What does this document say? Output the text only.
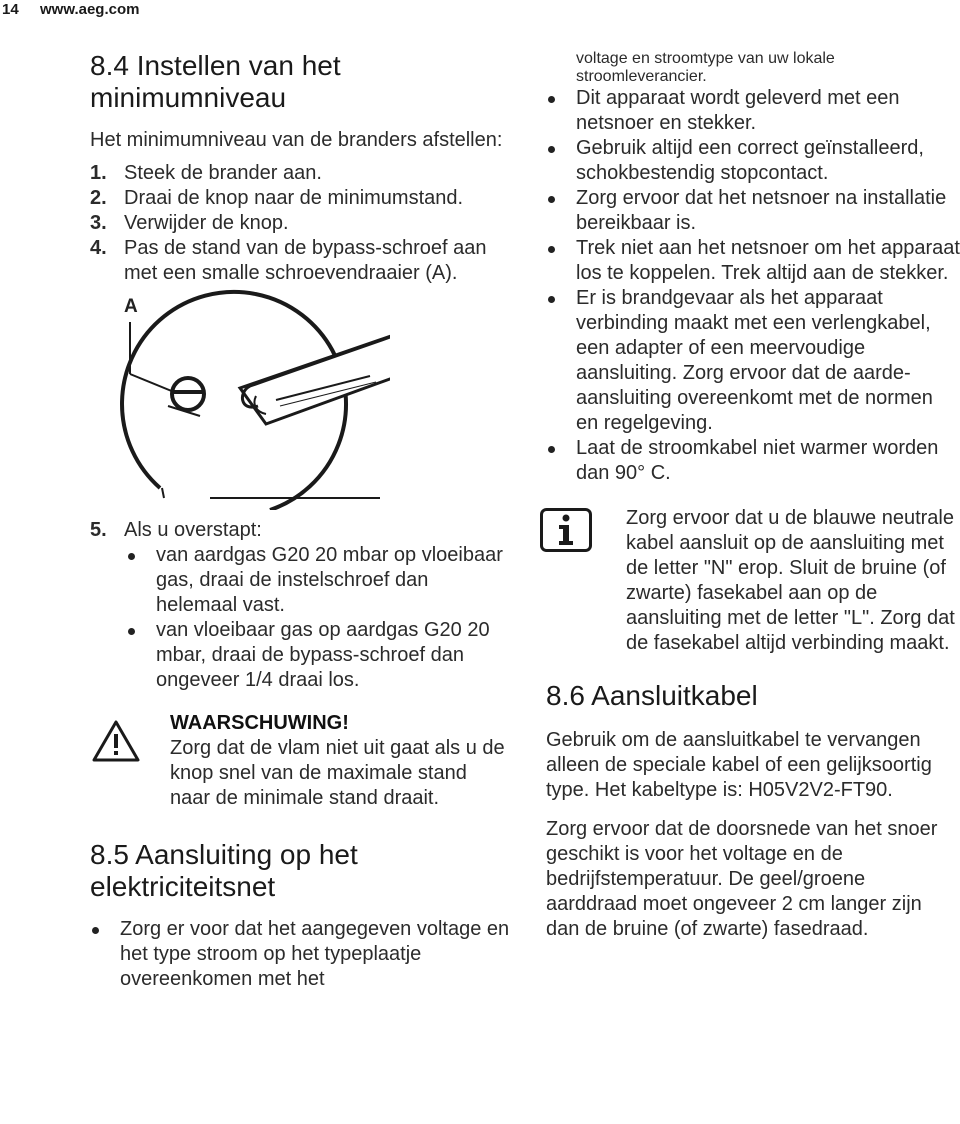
14 www.aeg.com
8.4 Instellen van het minimumniveau

Het minimumniveau van de branders afstellen:

1. Steek de brander aan.
2. Draai de knop naar de minimumstand.
3. Verwijder de knop.
4. Pas de stand van de bypass-schroef aan met een smalle schroevendraaier (A).
A
5. Als u overstapt:
van aardgas G20 20 mbar op vloeibaar gas, draai de instelschroef dan helemaal vast.
van vloeibaar gas op aardgas G20 20 mbar, draai de bypass-schroef dan ongeveer 1/4 draai los.
WAARSCHUWING!

Zorg dat de vlam niet uit gaat als u de knop snel van de maximale stand naar de minimale stand draait.

8.5 Aansluiting op het elektriciteitsnet
Zorg er voor dat het aangegeven voltage en het type stroom op het typeplaatje overeenkomen met het
voltage en stroomtype van uw lokale stroomleverancier.
Dit apparaat wordt geleverd met een netsnoer en stekker.
Gebruik altijd een correct geïnstalleerd, schokbestendig stopcontact.
Zorg ervoor dat het netsnoer na installatie bereikbaar is.
Trek niet aan het netsnoer om het apparaat los te koppelen. Trek altijd aan de stekker.
Er is brandgevaar als het apparaat verbinding maakt met een verlengkabel, een adapter of een meervoudige aansluiting. Zorg ervoor dat de aarde-aansluiting overeenkomt met de normen en regelgeving.
Laat de stroomkabel niet warmer worden dan 90° C.

Zorg ervoor dat u de blauwe neutrale kabel aansluit op de aansluiting met de letter "N" erop. Sluit de bruine (of zwarte) fasekabel aan op de aansluiting met de letter "L". Zorg dat de fasekabel altijd verbinding maakt.

8.6 Aansluitkabel

Gebruik om de aansluitkabel te vervangen alleen de speciale kabel of een gelijksoortig type. Het kabeltype is: H05V2V2-FT90.

Zorg ervoor dat de doorsnede van het snoer geschikt is voor het voltage en de bedrijfstemperatuur. De geel/groene aarddraad moet ongeveer 2 cm langer zijn dan de bruine (of zwarte) fasedraad.
